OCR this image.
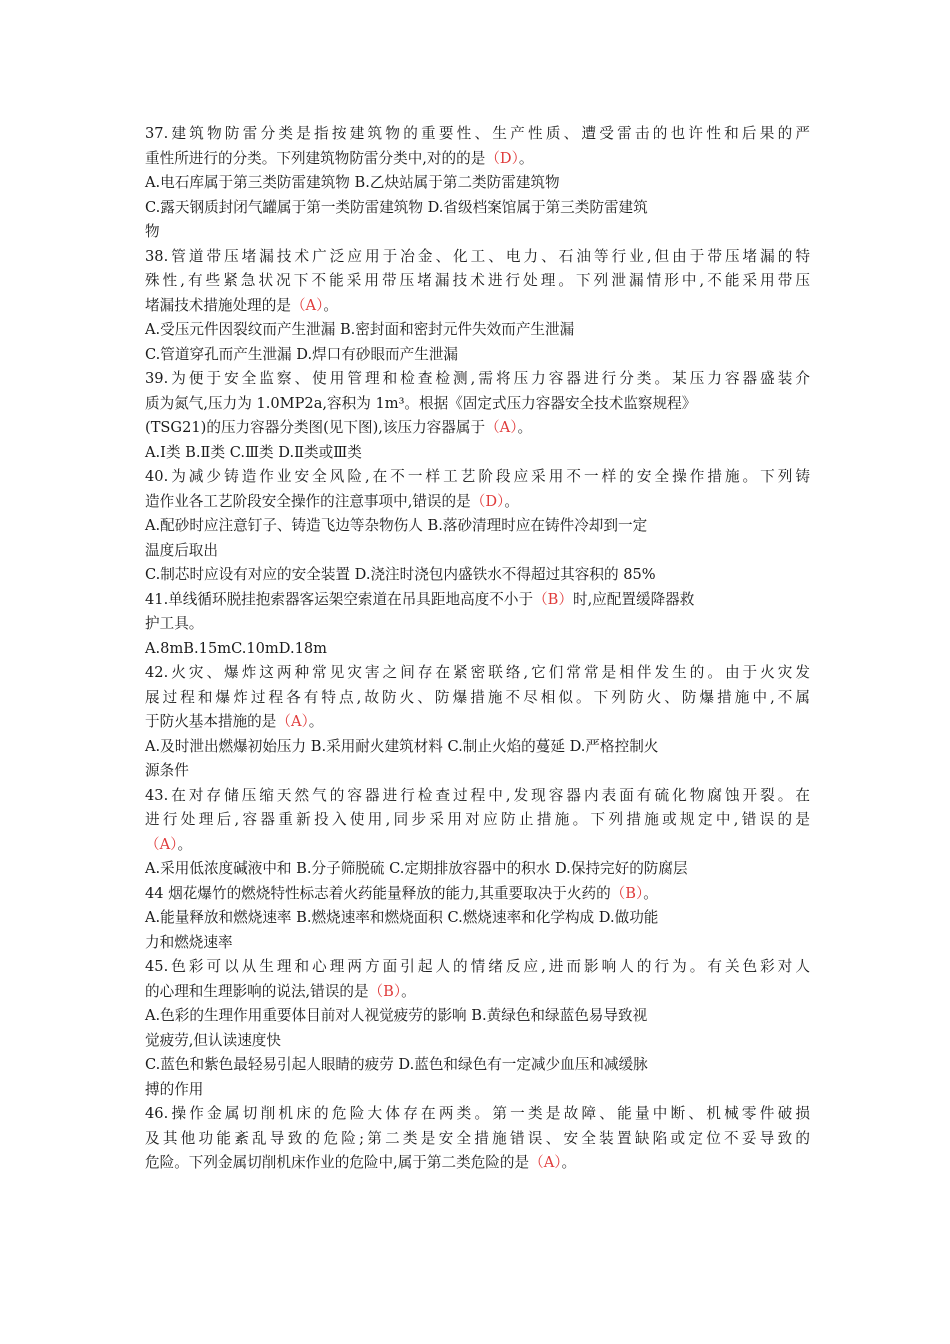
37.建筑物防雷分类是指按建筑物的重要性、生产性质、遭受雷击的也许性和后果的严
重性所进行的分类。下列建筑物防雷分类中,对的的是（D）。
A.电石库属于第三类防雷建筑物 B.乙炔站属于第二类防雷建筑物
C.露天钢质封闭气罐属于第一类防雷建筑物 D.省级档案馆属于第三类防雷建筑
物
38.管道带压堵漏技术广泛应用于冶金、化工、电力、石油等行业,但由于带压堵漏的特
殊性,有些紧急状况下不能采用带压堵漏技术进行处理。下列泄漏情形中,不能采用带压
堵漏技术措施处理的是（A）。
A.受压元件因裂纹而产生泄漏 B.密封面和密封元件失效而产生泄漏
C.管道穿孔而产生泄漏 D.焊口有砂眼而产生泄漏
39.为便于安全监察、使用管理和检查检测,需将压力容器进行分类。某压力容器盛装介
质为氮气,压力为 1.0MP2a,容积为 1m³。根据《固定式压力容器安全技术监察规程》
(TSG21)的压力容器分类图(见下图),该压力容器属于（A）。
A.Ⅰ类 B.Ⅱ类 C.Ⅲ类 D.Ⅱ类或Ⅲ类
40.为减少铸造作业安全风险,在不一样工艺阶段应采用不一样的安全操作措施。下列铸
造作业各工艺阶段安全操作的注意事项中,错误的是（D）。
A.配砂时应注意钉子、铸造飞边等杂物伤人 B.落砂清理时应在铸件冷却到一定
温度后取出
C.制芯时应设有对应的安全装置 D.浇注时浇包内盛铁水不得超过其容积的 85%
41.单线循环脱挂抱索器客运架空索道在吊具距地高度不小于（B）时,应配置缓降器救
护工具。
A.8mB.15mC.10mD.18m
42.火灾、爆炸这两种常见灾害之间存在紧密联络,它们常常是相伴发生的。由于火灾发
展过程和爆炸过程各有特点,故防火、防爆措施不尽相似。下列防火、防爆措施中,不属
于防火基本措施的是（A）。
A.及时泄出燃爆初始压力 B.采用耐火建筑材料 C.制止火焰的蔓延 D.严格控制火
源条件
43.在对存储压缩天然气的容器进行检查过程中,发现容器内表面有硫化物腐蚀开裂。在
进行处理后,容器重新投入使用,同步采用对应防止措施。下列措施或规定中,错误的是
（A）。
A.采用低浓度碱液中和 B.分子筛脱硫 C.定期排放容器中的积水 D.保持完好的防腐层
44 烟花爆竹的燃烧特性标志着火药能量释放的能力,其重要取决于火药的（B）。
A.能量释放和燃烧速率 B.燃烧速率和燃烧面积 C.燃烧速率和化学构成 D.做功能
力和燃烧速率
45.色彩可以从生理和心理两方面引起人的情绪反应,进而影响人的行为。有关色彩对人
的心理和生理影响的说法,错误的是（B）。
A.色彩的生理作用重要体目前对人视觉疲劳的影响 B.黄绿色和绿蓝色易导致视
觉疲劳,但认读速度快
C.蓝色和紫色最轻易引起人眼睛的疲劳 D.蓝色和绿色有一定减少血压和减缓脉
搏的作用
46.操作金属切削机床的危险大体存在两类。第一类是故障、能量中断、机械零件破损
及其他功能紊乱导致的危险;第二类是安全措施错误、安全装置缺陷或定位不妥导致的
危险。下列金属切削机床作业的危险中,属于第二类危险的是（A）。
